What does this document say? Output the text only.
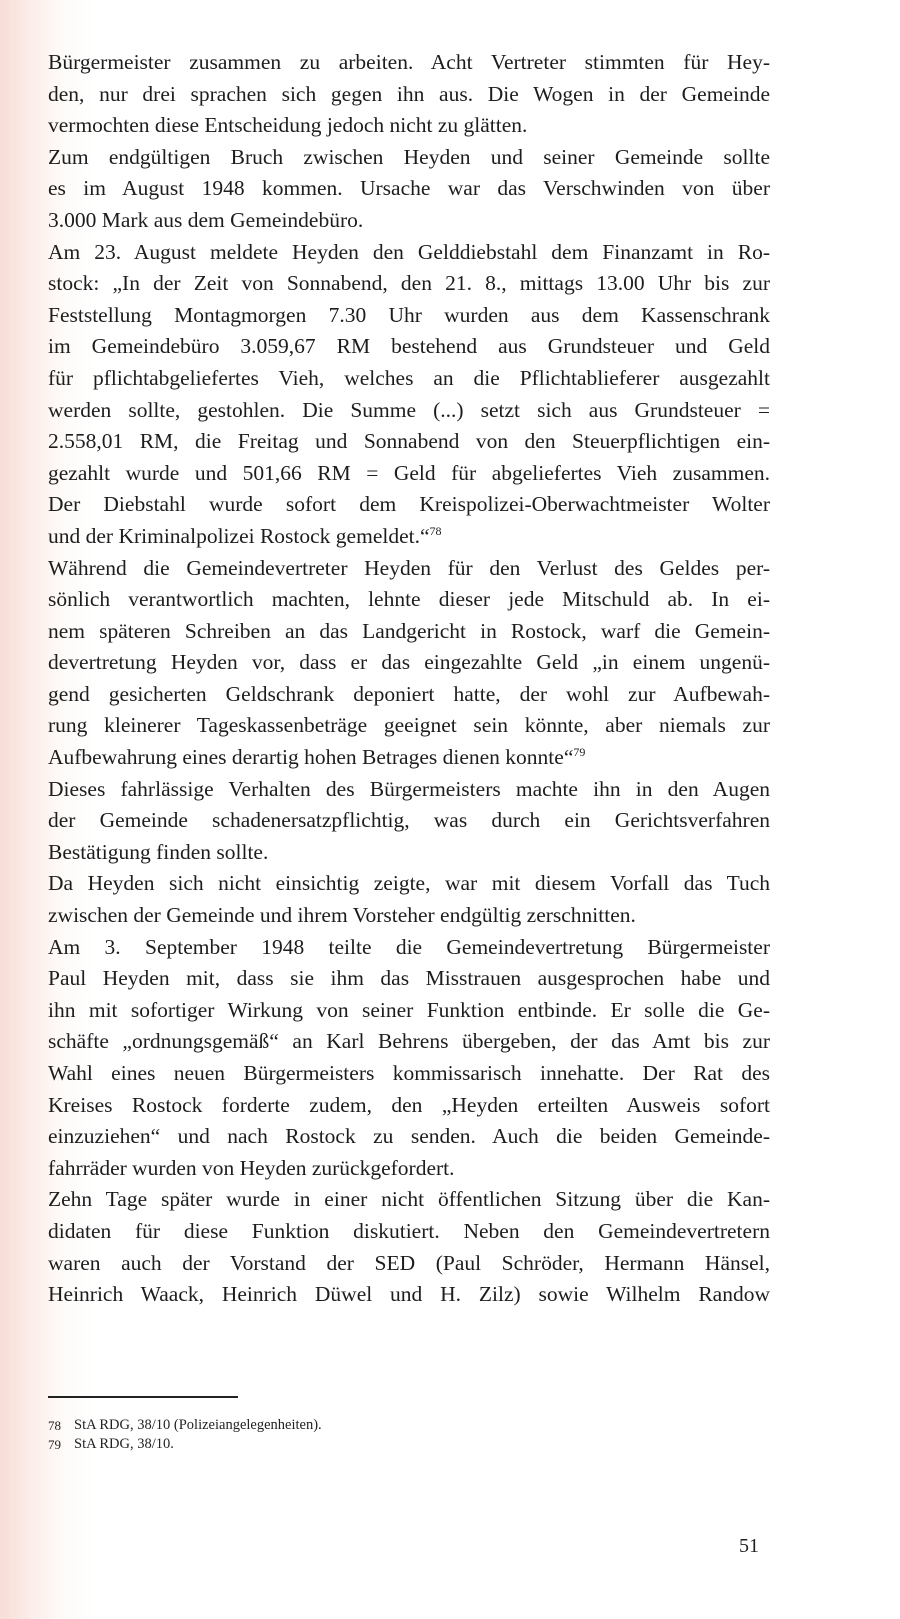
Bürgermeister zusammen zu arbeiten. Acht Vertreter stimmten für Hey-
den, nur drei sprachen sich gegen ihn aus. Die Wogen in der Gemeinde
vermochten diese Entscheidung jedoch nicht zu glätten.
Zum endgültigen Bruch zwischen Heyden und seiner Gemeinde sollte
es im August 1948 kommen. Ursache war das Verschwinden von über
3.000 Mark aus dem Gemeindebüro.
Am 23. August meldete Heyden den Gelddiebstahl dem Finanzamt in Ro-
stock: „In der Zeit von Sonnabend, den 21. 8., mittags 13.00 Uhr bis zur
Feststellung Montagmorgen 7.30 Uhr wurden aus dem Kassenschrank
im Gemeindebüro 3.059,67 RM bestehend aus Grundsteuer und Geld
für pflichtabgeliefertes Vieh, welches an die Pflichtablieferer ausgezahlt
werden sollte, gestohlen. Die Summe (...) setzt sich aus Grundsteuer =
2.558,01 RM, die Freitag und Sonnabend von den Steuerpflichtigen ein-
gezahlt wurde und 501,66 RM = Geld für abgeliefertes Vieh zusammen.
Der Diebstahl wurde sofort dem Kreispolizei-Oberwachtmeister Wolter
und der Kriminalpolizei Rostock gemeldet.“$^{78}$
Während die Gemeindevertreter Heyden für den Verlust des Geldes per-
sönlich verantwortlich machten, lehnte dieser jede Mitschuld ab. In ei-
nem späteren Schreiben an das Landgericht in Rostock, warf die Gemein-
devertretung Heyden vor, dass er das eingezahlte Geld „in einem ungenü-
gend gesicherten Geldschrank deponiert hatte, der wohl zur Aufbewah-
rung kleinerer Tageskassenbeträge geeignet sein könnte, aber niemals zur
Aufbewahrung eines derartig hohen Betrages dienen konnte“$^{79}$
Dieses fahrlässige Verhalten des Bürgermeisters machte ihn in den Augen
der Gemeinde schadenersatzpflichtig, was durch ein Gerichtsverfahren
Bestätigung finden sollte.
Da Heyden sich nicht einsichtig zeigte, war mit diesem Vorfall das Tuch
zwischen der Gemeinde und ihrem Vorsteher endgültig zerschnitten.
Am 3. September 1948 teilte die Gemeindevertretung Bürgermeister
Paul Heyden mit, dass sie ihm das Misstrauen ausgesprochen habe und
ihn mit sofortiger Wirkung von seiner Funktion entbinde. Er solle die Ge-
schäfte „ordnungsgemäß“ an Karl Behrens übergeben, der das Amt bis zur
Wahl eines neuen Bürgermeisters kommissarisch innehatte. Der Rat des
Kreises Rostock forderte zudem, den „Heyden erteilten Ausweis sofort
einzuziehen“ und nach Rostock zu senden. Auch die beiden Gemeinde-
fahrräder wurden von Heyden zurückgefordert.
Zehn Tage später wurde in einer nicht öffentlichen Sitzung über die Kan-
didaten für diese Funktion diskutiert. Neben den Gemeindevertretern
waren auch der Vorstand der SED (Paul Schröder, Hermann Hänsel,
Heinrich Waack, Heinrich Düwel und H. Zilz) sowie Wilhelm Randow
78 StA RDG, 38/10 (Polizeiangelegenheiten).
79 StA RDG, 38/10.
51
